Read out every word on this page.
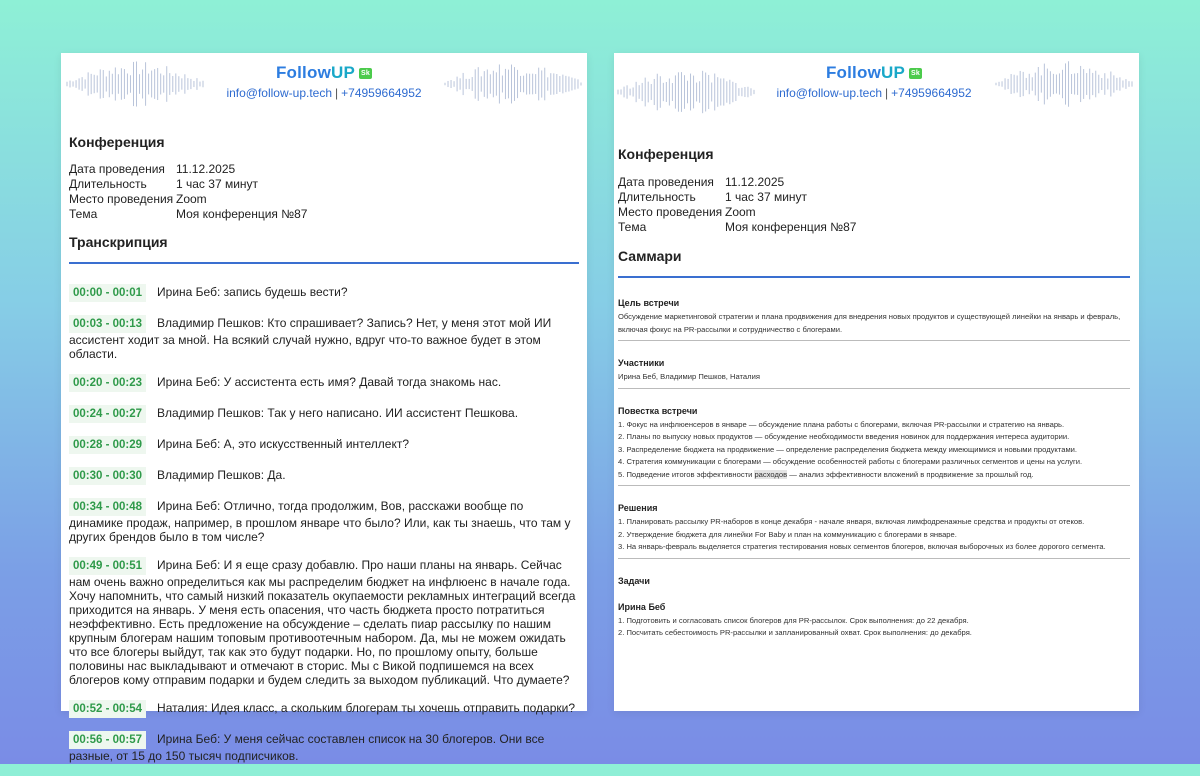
FollowUP Sk
info@follow-up.tech | +74959664952
Конференция
Дата проведения 11.12.2025
Длительность	1 час 37 минут
Место проведения Zoom
Тема	Моя конференция №87
Транскрипция
00:00 - 00:01 Ирина Беб: запись будешь вести?
00:03 - 00:13 Владимир Пешков: Кто спрашивает? Запись? Нет, у меня этот мой ИИ ассистент ходит за мной. На всякий случай нужно, вдруг что-то важное будет в этом области.
00:20 - 00:23 Ирина Беб: У ассистента есть имя? Давай тогда знакомь нас.
00:24 - 00:27 Владимир Пешков: Так у него написано. ИИ ассистент Пешкова.
00:28 - 00:29 Ирина Беб: А, это искусственный интеллект?
00:30 - 00:30 Владимир Пешков: Да.
00:34 - 00:48 Ирина Беб: Отлично, тогда продолжим, Вов, расскажи вообще по динамике продаж, например, в прошлом январе что было? Или, как ты знаешь, что там у других брендов было в том числе?
00:49 - 00:51 Ирина Беб: И я еще сразу добавлю. Про наши планы на январь. Сейчас нам очень важно определиться как мы распределим бюджет на инфлюенс в начале года. Хочу напомнить, что самый низкий показатель окупаемости рекламных интеграций всегда приходится на январь. У меня есть опасения, что часть бюджета просто потратиться неэффективно. Есть предложение на обсуждение – сделать пиар рассылку по нашим крупным блогерам нашим топовым противоотечным набором. Да, мы не можем ожидать что все блогеры выйдут, так как это будут подарки. Но, по прошлому опыту, больше половины нас выкладывают и отмечают в сторис. Мы с Викой подпишемся на всех блогеров кому отправим подарки и будем следить за выходом публикаций. Что думаете?
00:52 - 00:54 Наталия: Идея класс, а скольким блогерам ты хочешь отправить подарки?
00:56 - 00:57 Ирина Беб: У меня сейчас составлен список на 30 блогеров. Они все разные, от 15 до 150 тысяч подписчиков.
FollowUP Sk
info@follow-up.tech | +74959664952
Конференция
Дата проведения 11.12.2025
Длительность	1 час 37 минут
Место проведения Zoom
Тема	Моя конференция №87
Саммари
Цель встречи
Обсуждение маркетинговой стратегии и плана продвижения для внедрения новых продуктов и существующей линейки на январь и февраль, включая фокус на PR-рассылки и сотрудничество с блогерами.
Участники
Ирина Беб, Владимир Пешков, Наталия
Повестка встречи
1. Фокус на инфлюенсеров в январе — обсуждение плана работы с блогерами, включая PR-рассылки и стратегию на январь.
2. Планы по выпуску новых продуктов — обсуждение необходимости введения новинок для поддержания интереса аудитории.
3. Распределение бюджета на продвижение — определение распределения бюджета между имеющимися и новыми продуктами.
4. Стратегия коммуникации с блогерами — обсуждение особенностей работы с блогерами различных сегментов и цены на услуги.
5. Подведение итогов эффективности расходов — анализ эффективности вложений в продвижение за прошлый год.
Решения
1. Планировать рассылку PR-наборов в конце декабря - начале января, включая лимфодренажные средства и продукты от отеков.
2. Утверждение бюджета для линейки For Baby и план на коммуникацию с блогерами в январе.
3. На январь-февраль выделяется стратегия тестирования новых сегментов блогеров, включая выборочных из более дорогого сегмента.
Задачи
Ирина Беб
1. Подготовить и согласовать список блогеров для PR-рассылок. Срок выполнения: до 22 декабря.
2. Посчитать себестоимость PR-рассылки и запланированный охват. Срок выполнения: до декабря.
